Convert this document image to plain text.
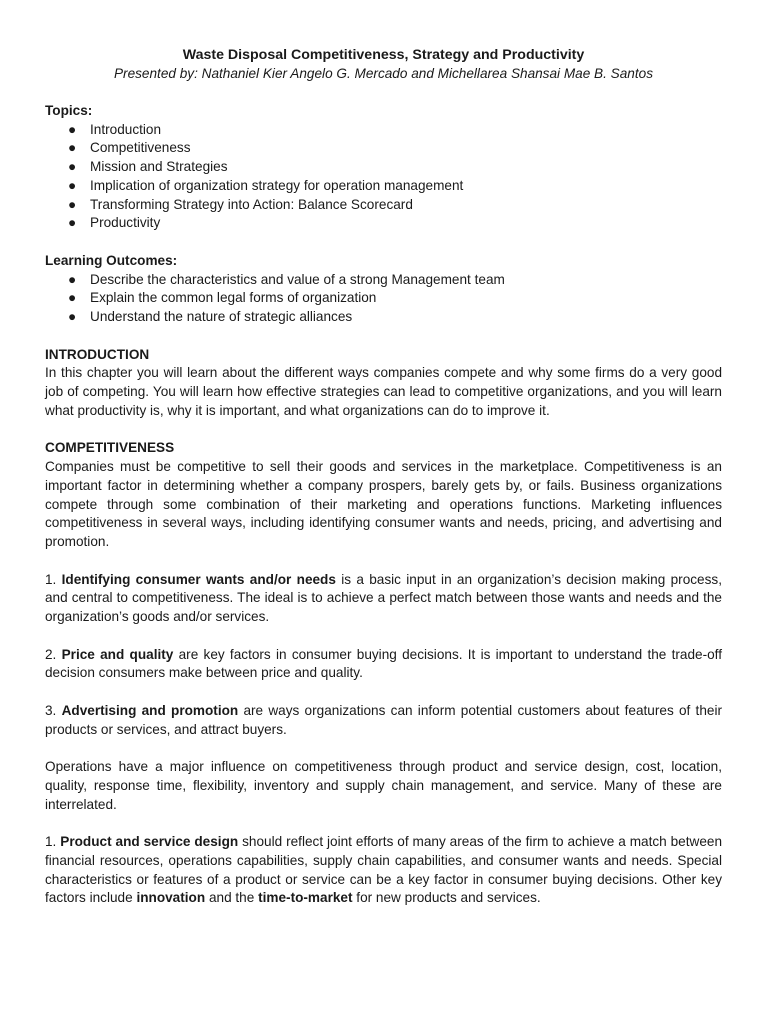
Waste Disposal Competitiveness, Strategy and Productivity

Presented by: Nathaniel Kier Angelo G. Mercado and Michellarea Shansai Mae B. Santos

Topics:

● Introduction
● Competitiveness
● Mission and Strategies
● Implication of organization strategy for operation management
● Transforming Strategy into Action: Balance Scorecard
● Productivity

Learning Outcomes:

● Describe the characteristics and value of a strong Management team
● Explain the common legal forms of organization
● Understand the nature of strategic alliances

INTRODUCTION

In this chapter you will learn about the different ways companies compete and why some firms do a very good job of competing. You will learn how effective strategies can lead to competitive organizations, and you will learn what productivity is, why it is important, and what organizations can do to improve it.

COMPETITIVENESS

Companies must be competitive to sell their goods and services in the marketplace. Competitiveness is an important factor in determining whether a company prospers, barely gets by, or fails. Business organizations compete through some combination of their marketing and operations functions. Marketing influences competitiveness in several ways, including identifying consumer wants and needs, pricing, and advertising and promotion.

1. Identifying consumer wants and/or needs is a basic input in an organization’s decision making process, and central to competitiveness. The ideal is to achieve a perfect match between those wants and needs and the organization’s goods and/or services.

2. Price and quality are key factors in consumer buying decisions. It is important to understand the trade-off decision consumers make between price and quality.

3. Advertising and promotion are ways organizations can inform potential customers about features of their products or services, and attract buyers.

Operations have a major influence on competitiveness through product and service design, cost, location, quality, response time, flexibility, inventory and supply chain management, and service. Many of these are interrelated.

1. Product and service design should reflect joint efforts of many areas of the firm to achieve a match between financial resources, operations capabilities, supply chain capabilities, and consumer wants and needs. Special characteristics or features of a product or service can be a key factor in consumer buying decisions. Other key factors include innovation and the time-to-market for new products and services.
